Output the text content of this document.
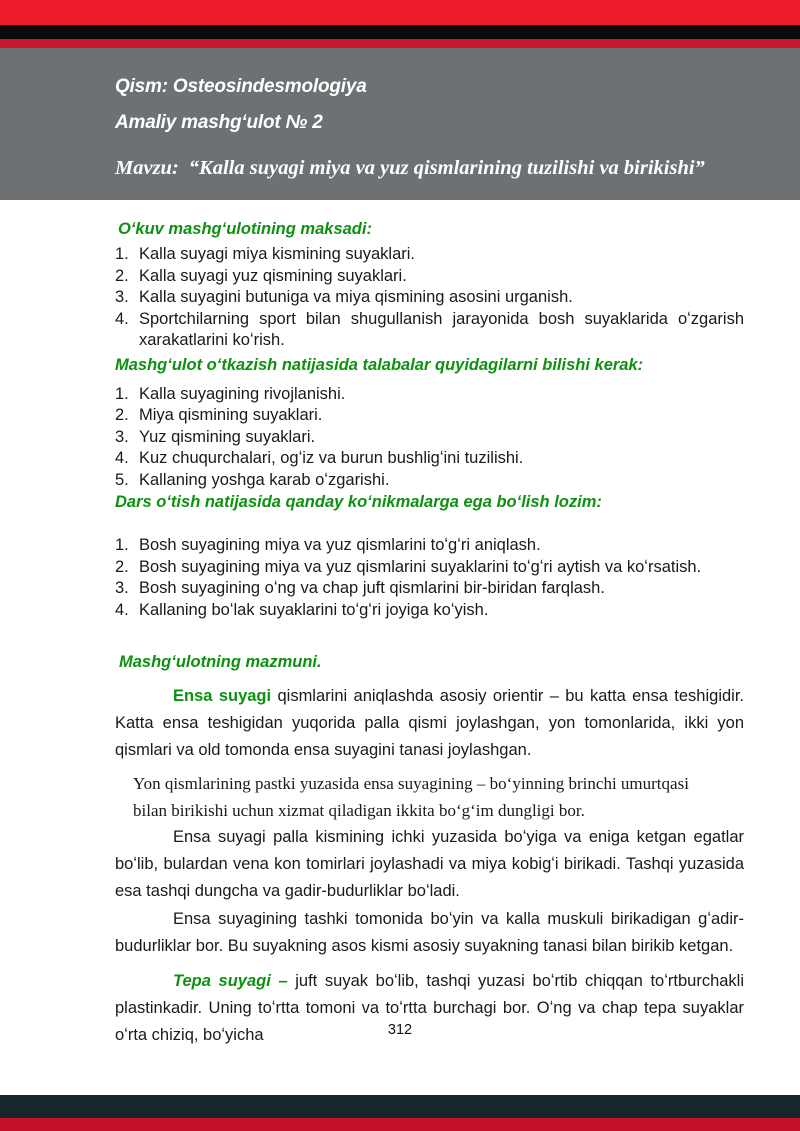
Qism: Osteosindesmologiya

Amaliy mashgʻulot № 2

Mavzu: “Kalla suyagi miya va yuz qismlarining tuzilishi va birikishi”

Oʻkuv mashgʻulotining maksadi:
1. Kalla suyagi miya kismining suyaklari.
2. Kalla suyagi yuz qismining suyaklari.
3. Kalla suyagini butuniga va miya qismining asosini urganish.
4. Sportchilarning sport bilan shugullanish jarayonida bosh suyaklarida oʻzgarish xarakatlarini koʻrish.
Mashgʻulot oʻtkazish natijasida talabalar quyidagilarni bilishi kerak:
1. Kalla suyagining rivojlanishi.
2. Miya qismining suyaklari.
3. Yuz qismining suyaklari.
4. Kuz chuqurchalari, ogʻiz va burun bushligʻini tuzilishi.
5. Kallaning yoshga karab oʻzgarishi.
Dars oʻtish natijasida qanday koʻnikmalarga ega boʻlish lozim:
1. Bosh suyagining miya va yuz qismlarini toʻgʻri aniqlash.
2. Bosh suyagining miya va yuz qismlarini suyaklarini toʻgʻri aytish va koʻrsatish.
3. Bosh suyagining oʻng va chap juft qismlarini bir-biridan farqlash.
4. Kallaning boʻlak suyaklarini toʻgʻri joyiga koʻyish.
Mashgʻulotning mazmuni.

Ensa suyagi qismlarini aniqlashda asosiy orientir – bu katta ensa teshigidir. Katta ensa teshigidan yuqorida palla qismi joylashgan, yon tomonlarida, ikki yon qismlari va old tomonda ensa suyagini tanasi joylashgan.

Yon qismlarining pastki yuzasida ensa suyagining – boʻyinning brinchi umurtqasi bilan birikishi uchun xizmat qiladigan ikkita boʻgʻim dungligi bor.

Ensa suyagi palla kismining ichki yuzasida boʻyiga va eniga ketgan egatlar boʻlib, bulardan vena kon tomirlari joylashadi va miya kobigʻi birikadi. Tashqi yuzasida esa tashqi dungcha va gadir-budurliklar boʻladi.

Ensa suyagining tashki tomonida boʻyin va kalla muskuli birikadigan gʻadir-budurliklar bor. Bu suyakning asos kismi asosiy suyakning tanasi bilan birikib ketgan.

Tepa suyagi – juft suyak boʻlib, tashqi yuzasi boʻrtib chiqqan toʻrtburchakli plastinkadir. Uning toʻrtta tomoni va toʻrtta burchagi bor. Oʻng va chap tepa suyaklar oʻrta chiziq, boʻyicha	312
